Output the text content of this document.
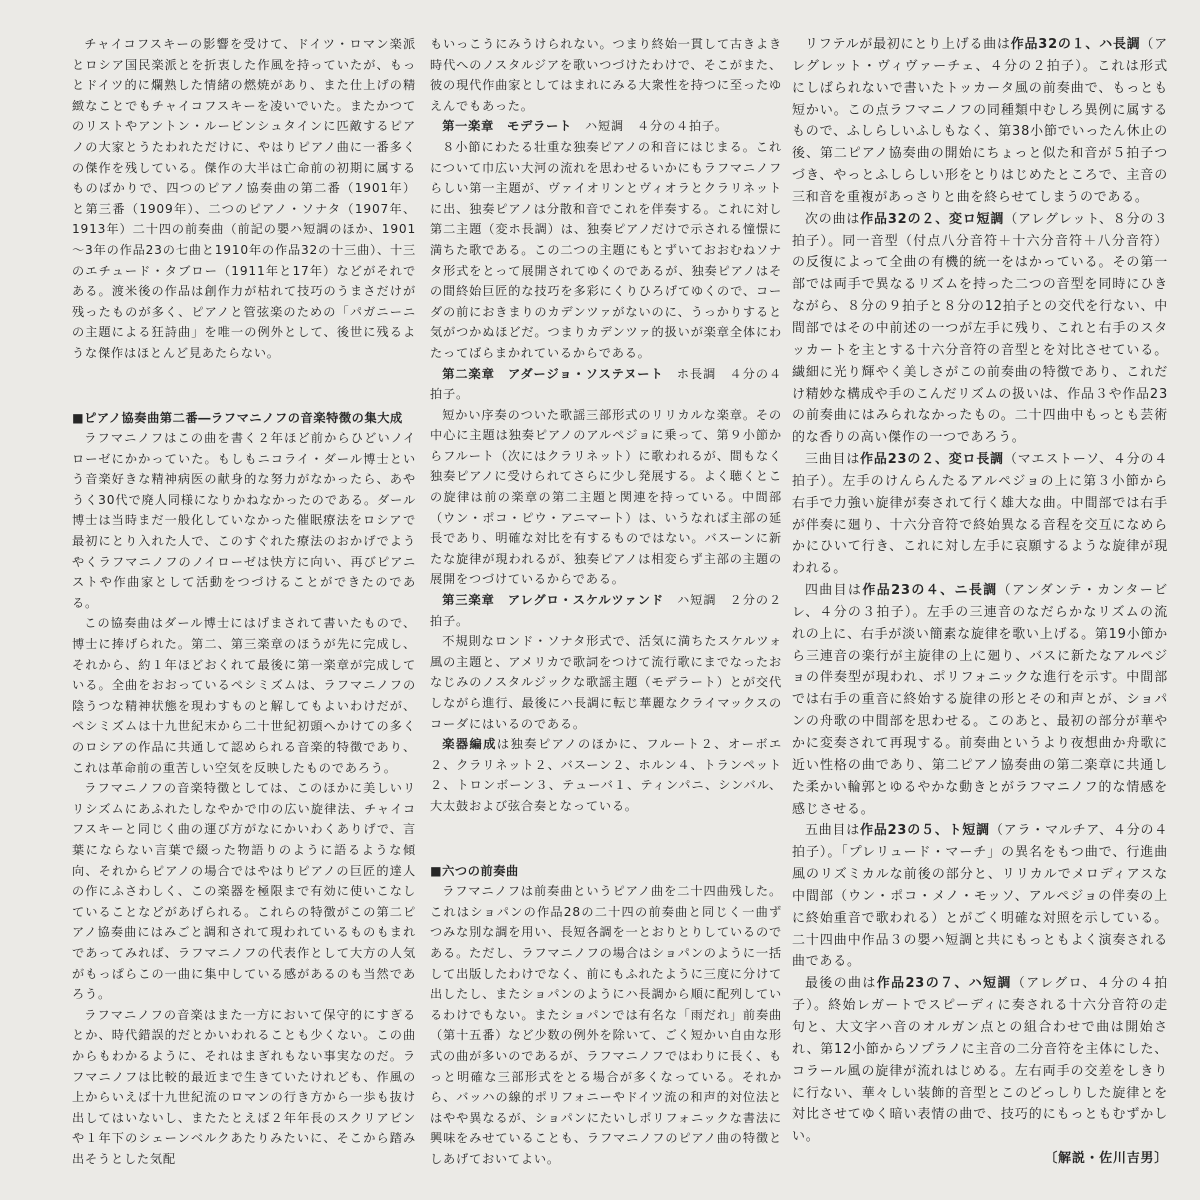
チャイコフスキーの影響を受けて、ドイツ・ロマン楽派とロシア国民楽派とを折衷した作風を持っていたが、もっとドイツ的に爛熟した情緒の燃焼があり、また仕上げの精緻なことでもチャイコフスキーを凌いでいた。またかつてのリストやアントン・ルービンシュタインに匹敵するピアノの大家とうたわれただけに、やはりピアノ曲に一番多くの傑作を残している。傑作の大半は亡命前の初期に属するものばかりで、四つのピアノ協奏曲の第二番（1901年）と第三番（1909年）、二つのピアノ・ソナタ（1907年、1913年）二十四の前奏曲（前記の嬰ハ短調のほか、1901～3年の作品23の七曲と1910年の作品32の十三曲）、十三のエチュード・タブロー（1911年と17年）などがそれである。渡米後の作品は創作力が枯れて技巧のうまさだけが残ったものが多く、ピアノと管弦楽のための「パガニーニの主題による狂詩曲」を唯一の例外として、後世に残るような傑作はほとんど見あたらない。

■ピアノ協奏曲第二番―ラフマニノフの音楽特徴の集大成

ラフマニノフはこの曲を書く２年ほど前からひどいノイローゼにかかっていた。もしもニコライ・ダール博士という音楽好きな精神病医の献身的な努力がなかったら、あやうく30代で廃人同様になりかねなかったのである。ダール博士は当時まだ一般化していなかった催眠療法をロシアで最初にとり入れた人で、このすぐれた療法のおかげでようやくラフマニノフのノイローゼは快方に向い、再びピアニストや作曲家として活動をつづけることができたのである。

この協奏曲はダール博士にはげまされて書いたもので、博士に捧げられた。第二、第三楽章のほうが先に完成し、それから、約１年ほどおくれて最後に第一楽章が完成している。全曲をおおっているペシミズムは、ラフマニノフの陰うつな精神状態を現わすものと解してもよいわけだが、ペシミズムは十九世紀末から二十世紀初頭へかけての多くのロシアの作品に共通して認められる音楽的特徴であり、これは革命前の重苦しい空気を反映したものであろう。

ラフマニノフの音楽特徴としては、このほかに美しいリリシズムにあふれたしなやかで巾の広い旋律法、チャイコフスキーと同じく曲の運び方がなにかいわくありげで、言葉にならない言葉で綴った物語りのように語るような傾向、それからピアノの場合ではやはりピアノの巨匠的達人の作にふさわしく、この楽器を極限まで有効に使いこなしていることなどがあげられる。これらの特徴がこの第二ピアノ協奏曲にはみごと調和されて現われているものもまれであってみれば、ラフマニノフの代表作として大方の人気がもっぱらこの一曲に集中している感があるのも当然であろう。

ラフマニノフの音楽はまた一方において保守的にすぎるとか、時代錯誤的だとかいわれることも少くない。この曲からもわかるように、それはまぎれもない事実なのだ。ラフマニノフは比較的最近まで生きていたけれども、作風の上からいえば十九世紀流のロマンの行き方から一歩も抜け出してはいないし、またたとえば２年年長のスクリアビンや１年下のシェーンベルクあたりみたいに、そこから踏み出そうとした気配

もいっこうにみうけられない。つまり終始一貫して古きよき時代へのノスタルジアを歌いつづけたわけで、そこがまた、彼の現代作曲家としてはまれにみる大衆性を持つに至ったゆえんでもあった。

第一楽章　モデラート　ハ短調　４分の４拍子。

８小節にわたる壮重な独奏ピアノの和音にはじまる。これについて巾広い大河の流れを思わせるいかにもラフマニノフらしい第一主題が、ヴァイオリンとヴィオラとクラリネットに出、独奏ピアノは分散和音でこれを伴奏する。これに対し第二主題（変ホ長調）は、独奏ピアノだけで示される憧憬に満ちた歌である。この二つの主題にもとずいておおむねソナタ形式をとって展開されてゆくのであるが、独奏ピアノはその間終始巨匠的な技巧を多彩にくりひろげてゆくので、コーダの前におきまりのカデンツァがないのに、うっかりすると気がつかぬほどだ。つまりカデンツァ的扱いが楽章全体にわたってばらまかれているからである。

第二楽章　アダージョ・ソステヌート　ホ長調　４分の４拍子。

短かい序奏のついた歌謡三部形式のリリカルな楽章。その中心に主題は独奏ピアノのアルペジョに乗って、第９小節からフルート（次にはクラリネット）に歌われるが、間もなく独奏ピアノに受けられてさらに少し発展する。よく聴くとこの旋律は前の楽章の第二主題と関連を持っている。中間部（ウン・ポコ・ピウ・アニマート）は、いうなれば主部の延長であり、明確な対比を有するものではない。バスーンに新たな旋律が現われるが、独奏ピアノは相変らず主部の主題の展開をつづけているからである。

第三楽章　アレグロ・スケルツァンド　ハ短調　２分の２拍子。

不規則なロンド・ソナタ形式で、活気に満ちたスケルツォ風の主題と、アメリカで歌詞をつけて流行歌にまでなったおなじみのノスタルジックな歌謡主題（モデラート）とが交代しながら進行、最後にハ長調に転じ華麗なクライマックスのコーダにはいるのである。

楽器編成は独奏ピアノのほかに、フルート２、オーボエ２、クラリネット２、バスーン２、ホルン４、トランペット２、トロンボーン３、テューバ１、ティンパニ、シンバル、大太鼓および弦合奏となっている。

■六つの前奏曲

ラフマニノフは前奏曲というピアノ曲を二十四曲残した。これはショパンの作品28の二十四の前奏曲と同じく一曲ずつみな別な調を用い、長短各調を一とおりとりしているのである。ただし、ラフマニノフの場合はショパンのように一括して出版したわけでなく、前にもふれたように三度に分けて出したし、またショパンのようにハ長調から順に配列しているわけでもない。またショパンでは有名な「雨だれ」前奏曲（第十五番）など少数の例外を除いて、ごく短かい自由な形式の曲が多いのであるが、ラフマニノフではわりに長く、もっと明確な三部形式をとる場合が多くなっている。それから、バッハの線的ポリフォニーやドイツ流の和声的対位法とはやや異なるが、ショパンにたいしポリフォニックな書法に興味をみせていることも、ラフマニノフのピアノ曲の特徴としあげておいてよい。

リフテルが最初にとり上げる曲は作品32の１、ハ長調（アレグレット・ヴィヴァーチェ、４分の２拍子）。これは形式にしばられないで書いたトッカータ風の前奏曲で、もっとも短かい。この点ラフマニノフの同種類中むしろ異例に属するもので、ふしらしいふしもなく、第38小節でいったん休止の後、第二ピアノ協奏曲の開始にちょっと似た和音が５拍子つづき、やっとふしらしい形をとりはじめたところで、主音の三和音を重複があっさりと曲を終らせてしまうのである。

次の曲は作品32の２、変ロ短調（アレグレット、８分の３拍子）。同一音型（付点八分音符＋十六分音符＋八分音符）の反復によって全曲の有機的統一をはかっている。その第一部では両手で異なるリズムを持った二つの音型を同時にひきながら、８分の９拍子と８分の12拍子との交代を行ない、中間部ではその中前述の一つが左手に残り、これと右手のスタッカートを主とする十六分音符の音型とを対比させている。繊細に光り輝やく美しさがこの前奏曲の特徴であり、これだけ精妙な構成や手のこんだリズムの扱いは、作品３や作品23の前奏曲にはみられなかったもの。二十四曲中もっとも芸術的な香りの高い傑作の一つであろう。

三曲目は作品23の２、変ロ長調（マエストーソ、４分の４拍子）。左手のけんらんたるアルペジョの上に第３小節から右手で力強い旋律が奏されて行く雄大な曲。中間部では右手が伴奏に廻り、十六分音符で終始異なる音程を交互になめらかにひいて行き、これに対し左手に哀願するような旋律が現われる。

四曲目は作品23の４、ニ長調（アンダンテ・カンタービレ、４分の３拍子）。左手の三連音のなだらかなリズムの流れの上に、右手が淡い簡素な旋律を歌い上げる。第19小節から三連音の楽行が主旋律の上に廻り、バスに新たなアルペジョの伴奏型が現われ、ポリフォニックな進行を示す。中間部では右手の重音に終始する旋律の形とその和声とが、ショパンの舟歌の中間部を思わせる。このあと、最初の部分が華やかに変奏されて再現する。前奏曲というより夜想曲か舟歌に近い性格の曲であり、第二ピアノ協奏曲の第二楽章に共通した柔かい輪郭とゆるやかな動きとがラフマニノフ的な情感を感じさせる。

五曲目は作品23の５、ト短調（アラ・マルチア、４分の４拍子）。「プレリュード・マーチ」の異名をもつ曲で、行進曲風のリズミカルな前後の部分と、リリカルでメロディアスな中間部（ウン・ポコ・メノ・モッソ、アルペジョの伴奏の上に終始重音で歌われる）とがごく明確な対照を示している。二十四曲中作品３の嬰ハ短調と共にもっともよく演奏される曲である。

最後の曲は作品23の７、ハ短調（アレグロ、４分の４拍子）。終始レガートでスピーディに奏される十六分音符の走句と、大文字ハ音のオルガン点との組合わせで曲は開始され、第12小節からソプラノに主音の二分音符を主体にした、コラール風の旋律が流れはじめる。左右両手の交差をしきりに行ない、華々しい装飾的音型とこのどっしりした旋律とを対比させてゆく暗い表情の曲で、技巧的にもっともむずかしい。

〔解説・佐川吉男〕
